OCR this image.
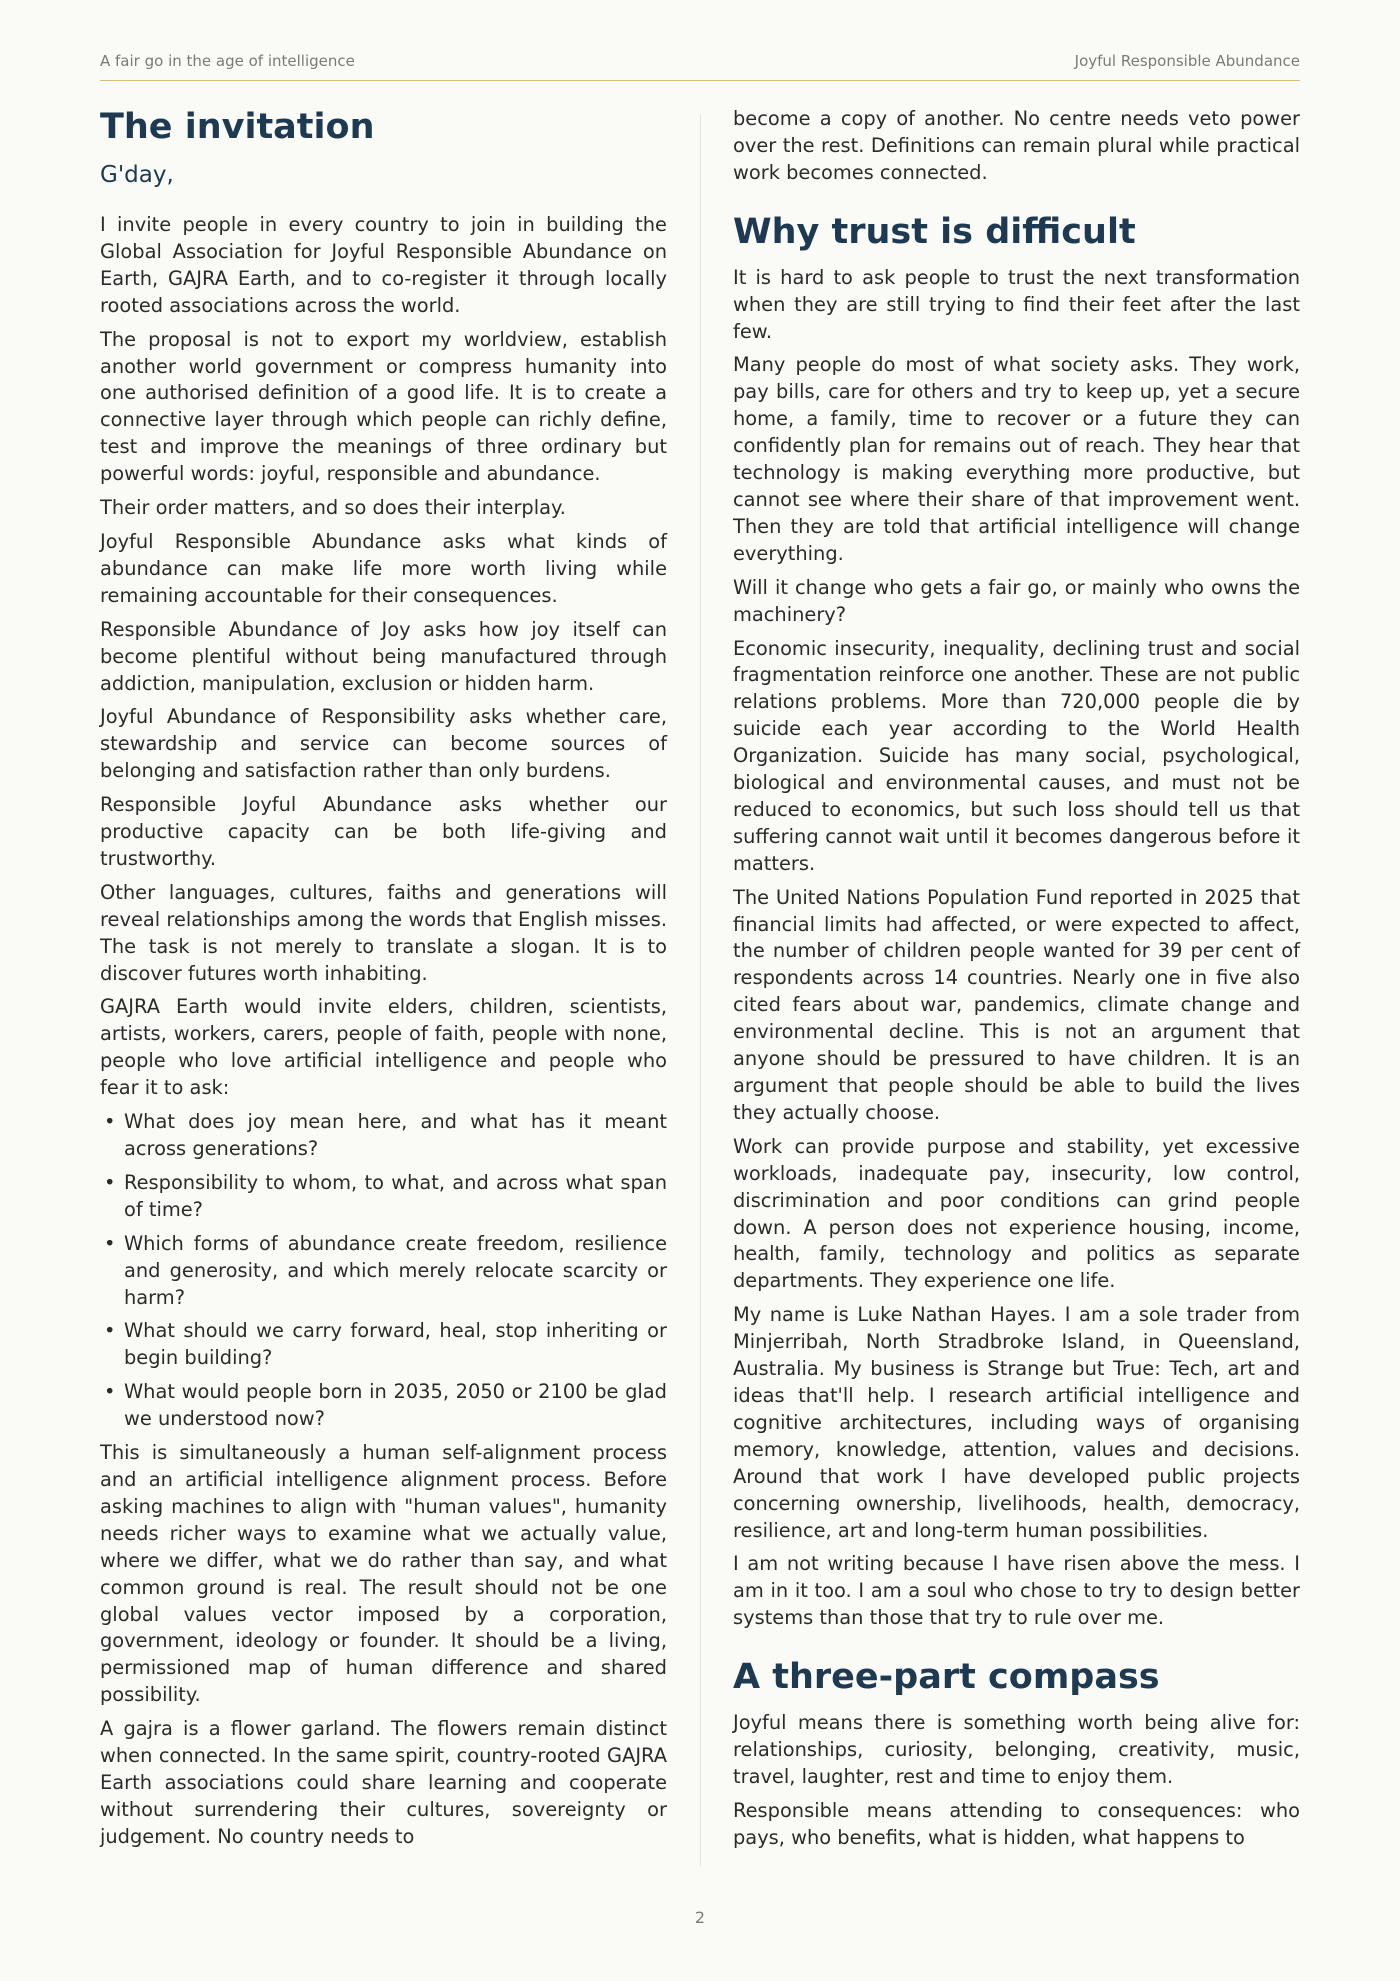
A fair go in the age of intelligence	Joyful Responsible Abundance
The invitation
G'day,

I invite people in every country to join in building the Global Association for Joyful Responsible Abundance on Earth, GAJRA Earth, and to co-register it through locally rooted associations across the world.

The proposal is not to export my worldview, establish another world government or compress humanity into one authorised definition of a good life. It is to create a connective layer through which people can richly define, test and improve the meanings of three ordinary but powerful words: joyful, responsible and abundance.

Their order matters, and so does their interplay.

Joyful Responsible Abundance asks what kinds of abundance can make life more worth living while remaining accountable for their consequences.

Responsible Abundance of Joy asks how joy itself can become plentiful without being manufactured through addiction, manipulation, exclusion or hidden harm.

Joyful Abundance of Responsibility asks whether care, stewardship and service can become sources of belonging and satisfaction rather than only burdens.

Responsible Joyful Abundance asks whether our productive capacity can be both life-giving and trustworthy.

Other languages, cultures, faiths and generations will reveal relationships among the words that English misses. The task is not merely to translate a slogan. It is to discover futures worth inhabiting.

GAJRA Earth would invite elders, children, scientists, artists, workers, carers, people of faith, people with none, people who love artificial intelligence and people who fear it to ask:

• What does joy mean here, and what has it meant across generations?
• Responsibility to whom, to what, and across what span of time?
• Which forms of abundance create freedom, resilience and generosity, and which merely relocate scarcity or harm?
• What should we carry forward, heal, stop inheriting or begin building?
• What would people born in 2035, 2050 or 2100 be glad we understood now?

This is simultaneously a human self-alignment process and an artificial intelligence alignment process. Before asking machines to align with "human values", humanity needs richer ways to examine what we actually value, where we differ, what we do rather than say, and what common ground is real. The result should not be one global values vector imposed by a corporation, government, ideology or founder. It should be a living, permissioned map of human difference and shared possibility.

A gajra is a flower garland. The flowers remain distinct when connected. In the same spirit, country-rooted GAJRA Earth associations could share learning and cooperate without surrendering their cultures, sovereignty or judgement. No country needs to

become a copy of another. No centre needs veto power over the rest. Definitions can remain plural while practical work becomes connected.

Why trust is difficult

It is hard to ask people to trust the next transformation when they are still trying to find their feet after the last few.

Many people do most of what society asks. They work, pay bills, care for others and try to keep up, yet a secure home, a family, time to recover or a future they can confidently plan for remains out of reach. They hear that technology is making everything more productive, but cannot see where their share of that improvement went. Then they are told that artificial intelligence will change everything.

Will it change who gets a fair go, or mainly who owns the machinery?

Economic insecurity, inequality, declining trust and social fragmentation reinforce one another. These are not public relations problems. More than 720,000 people die by suicide each year according to the World Health Organization. Suicide has many social, psychological, biological and environmental causes, and must not be reduced to economics, but such loss should tell us that suffering cannot wait until it becomes dangerous before it matters.

The United Nations Population Fund reported in 2025 that financial limits had affected, or were expected to affect, the number of children people wanted for 39 per cent of respondents across 14 countries. Nearly one in five also cited fears about war, pandemics, climate change and environmental decline. This is not an argument that anyone should be pressured to have children. It is an argument that people should be able to build the lives they actually choose.

Work can provide purpose and stability, yet excessive workloads, inadequate pay, insecurity, low control, discrimination and poor conditions can grind people down. A person does not experience housing, income, health, family, technology and politics as separate departments. They experience one life.

My name is Luke Nathan Hayes. I am a sole trader from Minjerribah, North Stradbroke Island, in Queensland, Australia. My business is Strange but True: Tech, art and ideas that'll help. I research artificial intelligence and cognitive architectures, including ways of organising memory, knowledge, attention, values and decisions. Around that work I have developed public projects concerning ownership, livelihoods, health, democracy, resilience, art and long-term human possibilities.

I am not writing because I have risen above the mess. I am in it too. I am a soul who chose to try to design better systems than those that try to rule over me.

A three-part compass

Joyful means there is something worth being alive for: relationships, curiosity, belonging, creativity, music, travel, laughter, rest and time to enjoy them.

Responsible means attending to consequences: who pays, who benefits, what is hidden, what happens to

2
